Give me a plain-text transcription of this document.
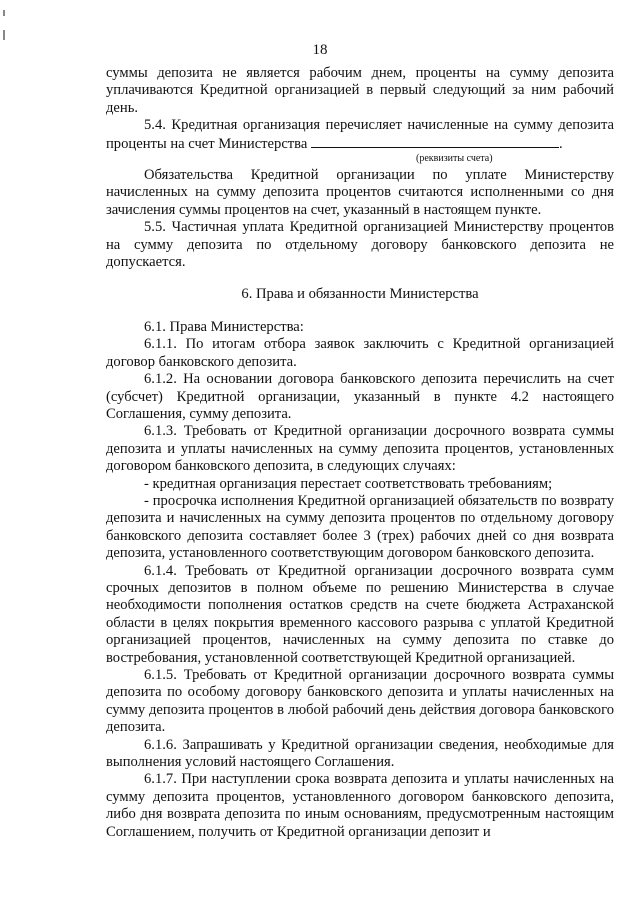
18

суммы депозита не является рабочим днем, проценты на сумму депозита уплачиваются Кредитной организацией в первый следующий за ним рабочий день.

5.4. Кредитная организация перечисляет начисленные на сумму депозита проценты на счет Министерства	.

(реквизиты счета)

Обязательства Кредитной организации по уплате Министерству начисленных на сумму депозита процентов считаются исполненными со дня зачисления суммы процентов на счет, указанный в настоящем пункте.

5.5. Частичная уплата Кредитной организацией Министерству процентов на сумму депозита по отдельному договору банковского депозита не допускается.

6. Права и обязанности Министерства

6.1. Права Министерства:

6.1.1. По итогам отбора заявок заключить с Кредитной организацией договор банковского депозита.

6.1.2. На основании договора банковского депозита перечислить на счет (субсчет) Кредитной организации, указанный в пункте 4.2 настоящего Соглашения, сумму депозита.

6.1.3. Требовать от Кредитной организации досрочного возврата суммы депозита и уплаты начисленных на сумму депозита процентов, установленных договором банковского депозита, в следующих случаях:

- кредитная организация перестает соответствовать требованиям;

- просрочка исполнения Кредитной организацией обязательств по возврату депозита и начисленных на сумму депозита процентов по отдельному договору банковского депозита составляет более 3 (трех) рабочих дней со дня возврата депозита, установленного соответствующим договором банковского депозита.

6.1.4. Требовать от Кредитной организации досрочного возврата сумм срочных депозитов в полном объеме по решению Министерства в случае необходимости пополнения остатков средств на счете бюджета Астраханской области в целях покрытия временного кассового разрыва с уплатой Кредитной организацией процентов, начисленных на сумму депозита по ставке до востребования, установленной соответствующей Кредитной организацией.

6.1.5. Требовать от Кредитной организации досрочного возврата суммы депозита по особому договору банковского депозита и уплаты начисленных на сумму депозита процентов в любой рабочий день действия договора банковского депозита.

6.1.6. Запрашивать у Кредитной организации сведения, необходимые для выполнения условий настоящего Соглашения.

6.1.7. При наступлении срока возврата депозита и уплаты начисленных на сумму депозита процентов, установленного договором банковского депозита, либо дня возврата депозита по иным основаниям, предусмотренным настоящим Соглашением, получить от Кредитной организации депозит и
